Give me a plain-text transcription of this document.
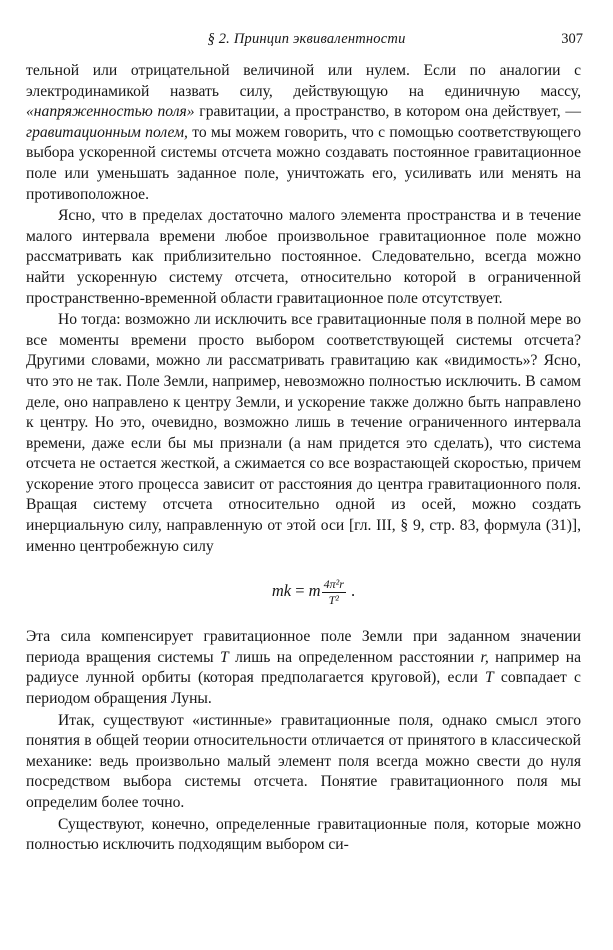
§ 2. Принцип эквивалентности	307

тельной или отрицательной величиной или нулем. Если по аналогии с электродинамикой назвать силу, действующую на единичную массу, «напряженностью поля» гравитации, а пространство, в котором она действует, — гравитационным полем, то мы можем говорить, что с помощью соответствующего выбора ускоренной системы отсчета можно создавать постоянное гравитационное поле или уменьшать заданное поле, уничтожать его, усиливать или менять на противоположное.

Ясно, что в пределах достаточно малого элемента пространства и в течение малого интервала времени любое произвольное гравитационное поле можно рассматривать как приблизительно постоянное. Следовательно, всегда можно найти ускоренную систему отсчета, относительно которой в ограниченной пространственно-временной области гравитационное поле отсутствует.

Но тогда: возможно ли исключить все гравитационные поля в полной мере во все моменты времени просто выбором соответствующей системы отсчета? Другими словами, можно ли рассматривать гравитацию как «видимость»? Ясно, что это не так. Поле Земли, например, невозможно полностью исключить. В самом деле, оно направлено к центру Земли, и ускорение также должно быть направлено к центру. Но это, очевидно, возможно лишь в течение ограниченного интервала времени, даже если бы мы признали (а нам придется это сделать), что система отсчета не остается жесткой, а сжимается со все возрастающей скоростью, причем ускорение этого процесса зависит от расстояния до центра гравитационного поля. Вращая систему отсчета относительно одной из осей, можно создать инерциальную силу, направленную от этой оси [гл. III, § 9, стр. 83, формула (31)], именно центробежную силу

mk = m $\frac{\text{4π²r}}{\text{T²}}$ .

Эта сила компенсирует гравитационное поле Земли при заданном значении периода вращения системы T лишь на определенном расстоянии r, например на радиусе лунной орбиты (которая предполагается круговой), если T совпадает с периодом обращения Луны.

Итак, существуют «истинные» гравитационные поля, однако смысл этого понятия в общей теории относительности отличается от принятого в классической механике: ведь произвольно малый элемент поля всегда можно свести до нуля посредством выбора системы отсчета. Понятие гравитационного поля мы определим более точно.

Существуют, конечно, определенные гравитационные поля, которые можно полностью исключить подходящим выбором си-
